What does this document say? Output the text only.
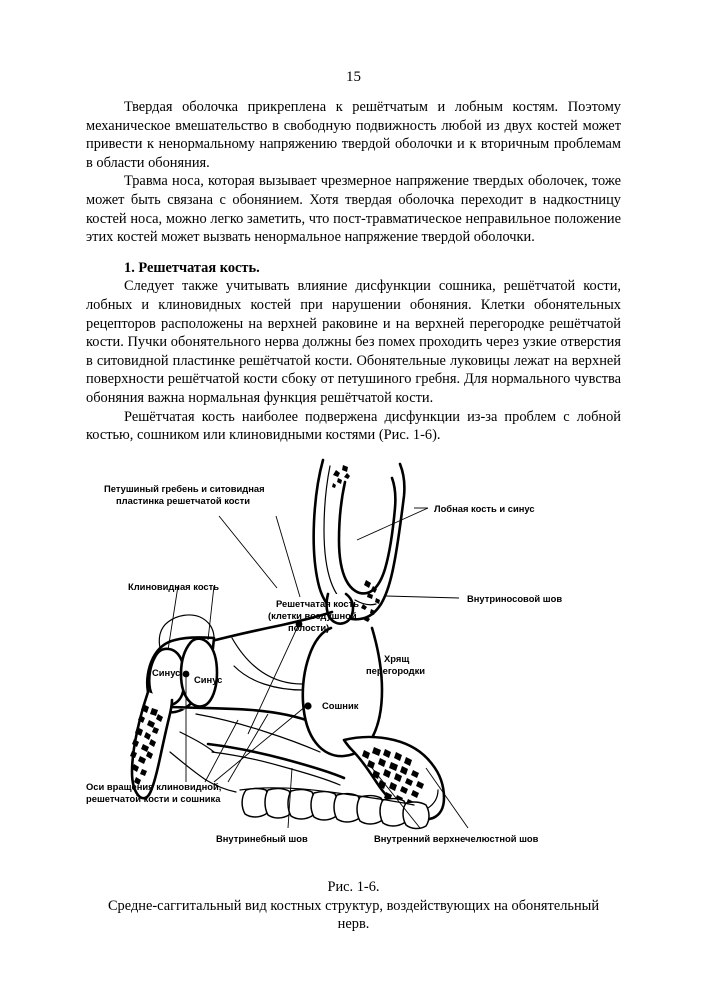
15

Твердая оболочка прикреплена к решётчатым и лобным костям. Поэтому механическое вмешательство в свободную подвижность любой из двух костей может привести к ненормальному напряжению твердой оболочки и к вторичным проблемам в области обоняния.

Травма носа, которая вызывает чрезмерное напряжение твердых оболочек, тоже может быть связана с обонянием. Хотя твердая оболочка переходит в надкостницу костей носа, можно легко заметить, что пост-травматическое неправильное положение этих костей может вызвать ненормальное напряжение твердой оболочки.

1. Решетчатая кость.

Следует также учитывать влияние дисфункции сошника, решётчатой кости, лобных и клиновидных костей при нарушении обоняния. Клетки обонятельных рецепторов расположены на верхней раковине и на верхней перегородке решётчатой кости. Пучки обонятельного нерва должны без помех проходить через узкие отверстия в ситовидной пластинке решётчатой кости. Обонятельные луковицы лежат на верхней поверхности решётчатой кости сбоку от петушиного гребня. Для нормального чувства обоняния важна нормальная функция решётчатой кости.

Решётчатая кость наиболее подвержена дисфункции из-за проблем с лобной костью, сошником или клиновидными костями (Рис. 1-6).

Петушиный гребень и ситовидная
пластинка решетчатой кости
Лобная кость и синус
Клиновидная кость
Внутриносовой шов
Решетчатая кость
(клетки воздушной
полости)
Хрящ
перегородки
Синус
Синус
Сошник
Оси вращения клиновидной,
решетчатой кости и сошника
Внутринебный шов	Внутренний верхнечелюстной шов
Рис. 1-6.
Средне-саггитальный вид костных структур, воздействующих на обонятельный
нерв.
